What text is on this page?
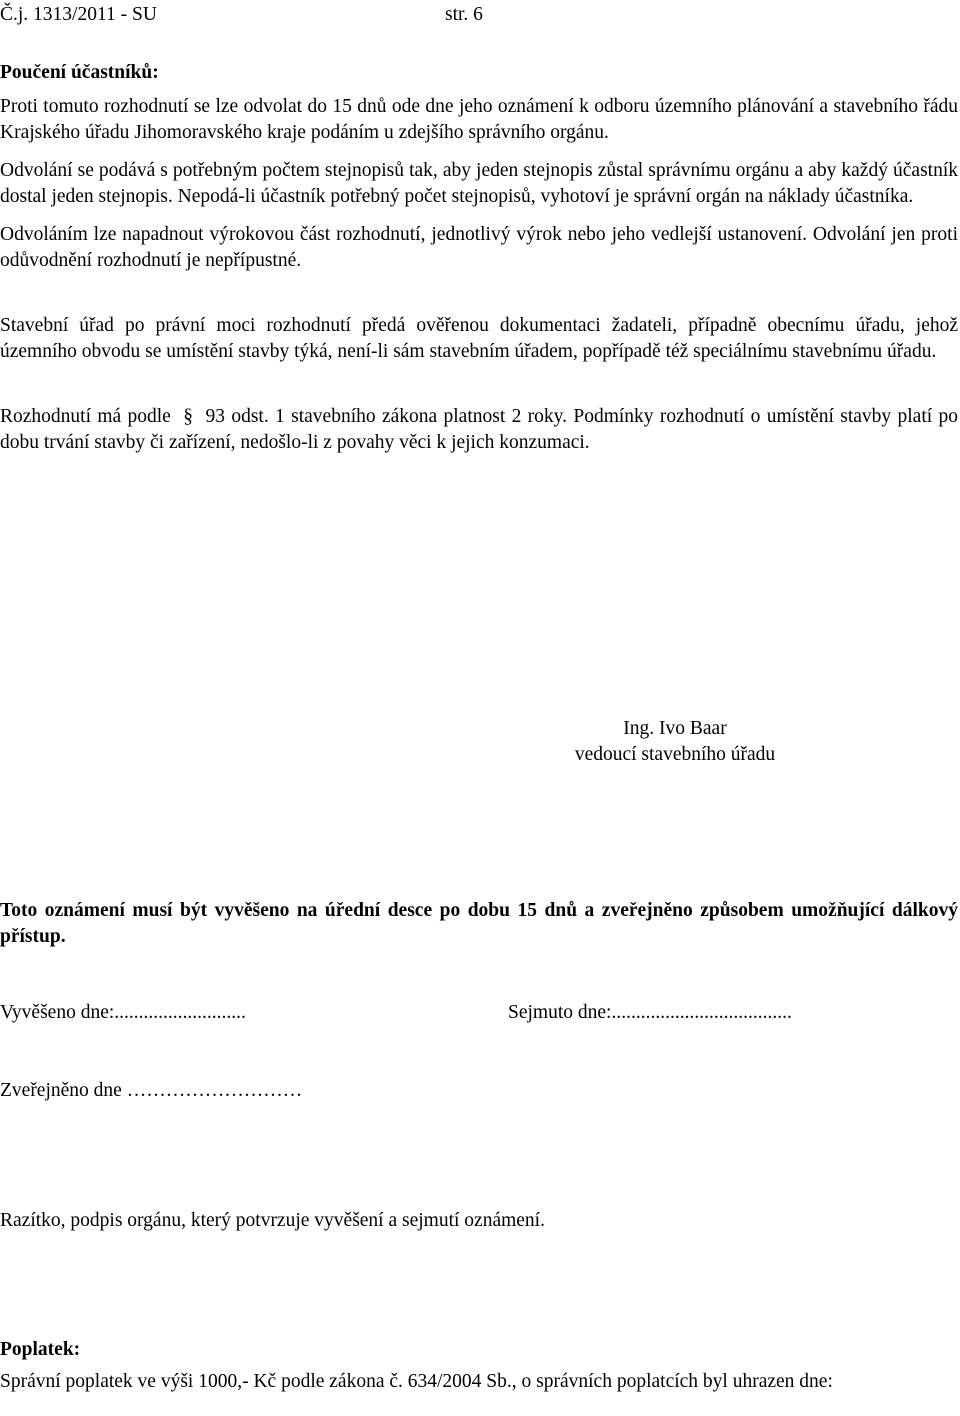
Č.j. 1313/2011 - SU	str. 6
Poučení účastníků:
Proti tomuto rozhodnutí se lze odvolat do 15 dnů ode dne jeho oznámení k odboru územního plánování a stavebního řádu Krajského úřadu Jihomoravského kraje podáním u zdejšího správního orgánu.
Odvolání se podává s potřebným počtem stejnopisů tak, aby jeden stejnopis zůstal správnímu orgánu a aby každý účastník dostal jeden stejnopis. Nepodá-li účastník potřebný počet stejnopisů, vyhotoví je správní orgán na náklady účastníka.
Odvoláním lze napadnout výrokovou část rozhodnutí, jednotlivý výrok nebo jeho vedlejší ustanovení. Odvolání jen proti odůvodnění rozhodnutí je nepřípustné.
Stavební úřad po právní moci rozhodnutí předá ověřenou dokumentaci žadateli, případně obecnímu úřadu, jehož územního obvodu se umístění stavby týká, není-li sám stavebním úřadem, popřípadě též speciálnímu stavebnímu úřadu.
Rozhodnutí má podle § 93 odst. 1 stavebního zákona platnost 2 roky. Podmínky rozhodnutí o umístění stavby platí po dobu trvání stavby či zařízení, nedošlo-li z povahy věci k jejich konzumaci.
Ing. Ivo Baar
vedoucí stavebního úřadu
Toto oznámení musí být vyvěšeno na úřední desce po dobu 15 dnů a zveřejněno způsobem umožňující dálkový přístup.
Vyvěšeno dne:...........................	Sejmuto dne:.....................................
Zveřejněno dne ………………………
Razítko, podpis orgánu, který potvrzuje vyvěšení a sejmutí oznámení.
Poplatek:
Správní poplatek ve výši 1000,- Kč podle zákona č. 634/2004 Sb., o správních poplatcích byl uhrazen dne:
